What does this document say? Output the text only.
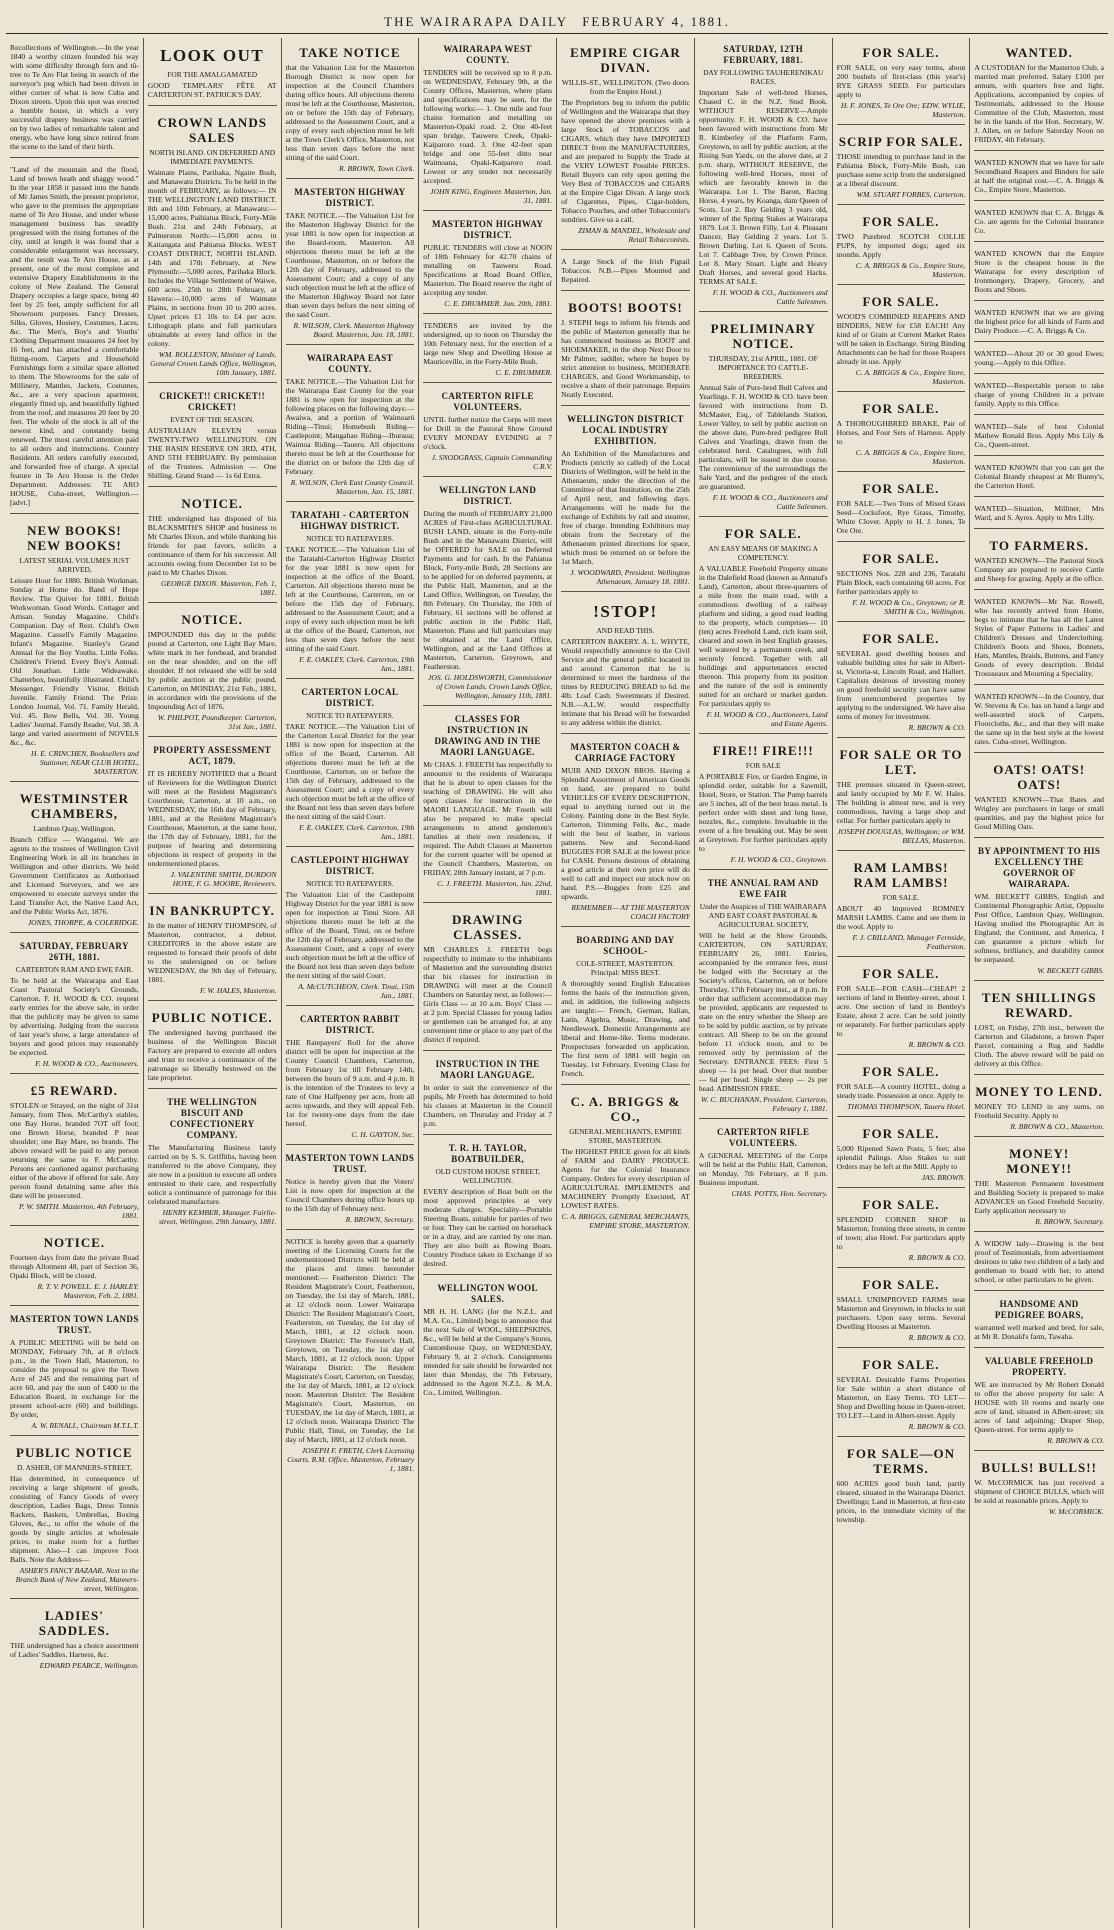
THE WAIRARAPA DAILY FEBRUARY 4, 1881.
Recollections of Wellington.—In the year 1840 a worthy citizen founded his way with some difficulty through fern and tû-tree to Te Aro Flat being in search of the surveyor's peg which had been driven in either corner of what is now Cuba and Dixon streets. Upon this spot was erected a humble house, in which a very successful drapery business was carried on by two ladies of remarkable talent and energy, who have long since retired from the scene to the land of their birth.
"Land of the mountain and the flood, Land of brown heath and shaggy wood." In the year 1858 it passed into the hands of Mr James Smith, the present proprietor, who gave to the premises the appropriate name of Te Aro House, and under whose management business has steadily progressed with the rising fortunes of the city, until at length it was found that a considerable enlargement was necessary, and the result was Te Aro House, as at present, one of the most complete and extensive Drapery Establishments in the colony of New Zealand. The General Drapery occupies a large space, being 40 feet by 25 feet, amply sufficient for all Showroom purposes. Fancy Dresses, Silks, Gloves, Hosiery, Costumes, Laces, &c. The Men's, Boy's and Youths' Clothing Department measures 24 feet by 16 feet, and has attached a comfortable fitting-room. Carpets and Household Furnishings form a similar space allotted to them. The Showrooms for the sale of Millinery, Mantles, Jackets, Costumes, &c., are a very spacious apartment, elegantly fitted up, and beautifully lighted from the roof, and measures 20 feet by 20 feet. The whole of the stock is all of the newest kind, and constantly being renewed. The most careful attention paid to all orders and instructions. Country Residents. All orders carefully executed, and forwarded free of charge. A special feature in Te Aro House is the Order Department. Addresses: TE ARO HOUSE, Cuba-street, Wellington.—[advt.]
NEW BOOKS! NEW BOOKS!
LATEST SERIAL VOLUMES JUST ARRIVED,
Leisure Hour for 1880. British Workman. Sunday at Home do. Band of Hope Review. The Quiver for 1881. British Workwoman. Good Words. Cottager and Artisan. Sunday Magazine. Child's Companion. Day of Rest. Child's Own Magazine. Cassell's Family Magazine. Infant's Magazine. Stanley's Grand Annual for the Boy Youths. Little Folks. Children's Friend. Every Boy's Annual. Old Jonathan. Little Wideawake. Chatterbox, beautifully illustrated. Child's Messenger. Friendly Visitor. British Juvenile. Family Friend. The Prize. London Journal, Vol. 71. Family Herald, Vol. 45. Bow Bells, Vol. 30. Young Ladies' Journal. Family Reader, Vol. 38. A large and varied assortment of NOVELS &c., &c.
H. E. CRINCHEN, Booksellers and Stationer, NEAR CLUB HOTEL, MASTERTON.
WESTMINSTER CHAMBERS,
Lambton Quay, Wellington.
Branch Office — Wanganui. We are agents to the trustees of Wellington Civil Engineering Work in all its branches in Wellington and other districts. We hold Government Certificates as Authorised and Licensed Surveyors, and we are empowered to execute surveys under the Land Transfer Act, the Native Land Act, and the Public Works Act, 1876.
JONES, THORPE, & COLERIDGE.
SATURDAY, FEBRUARY 26TH, 1881.
CARTERTON RAM AND EWE FAIR.
To be held at the Wairarapa and East Coast Pastoral Society's Grounds, Carterton. F. H. WOOD & CO. request early entries for the above sale, in order that the publicity may be given to same by advertising. Judging from the success of last year's show, a large attendance of buyers and good prices may reasonably be expected.
F. H. WOOD & CO., Auctioneers.
£5 REWARD.
STOLEN or Strayed, on the night of 31st January, from Thos. McCarthy's stables, one Bay Horse, branded 7OT off foot; one Brown Horse, branded P near shoulder; one Bay Mare, no brands. The above reward will be paid to any person returning the same to F. McCarthy. Persons are cautioned against purchasing either of the above if offered for sale. Any person found detaining same after this date will be prosecuted.
P. W. SMITH. Masterton, 4th February, 1881.
NOTICE.
Fourteen days from date the private Road through Allotment 48, part of Section 36, Opaki Block, will be closed.
R. T. V. POWELL. E. J. HARLEY. Masterton, Feb. 2, 1881.
MASTERTON TOWN LANDS TRUST.
A PUBLIC MEETING will be held on MONDAY, February 7th, at 8 o'clock p.m., in the Town Hall, Masterton, to consider the proposal to give the Town Acre of 245 and the remaining part of acre 60, and pay the sum of £400 to the Education Board, in exchange for the present school-acre (60) and buildings. By order,
A. W. RENALL, Chairman M.T.L.T.
PUBLIC NOTICE
D. ASHER, OF MANNERS-STREET,
Has determined, in consequence of receiving a large shipment of goods, consisting of Fancy Goods of every description, Ladies Bags, Dress Tennis Rackets, Baskets, Umbrellas, Boxing Gloves, &c., to offer the whole of the goods by single articles at wholesale prices, to make room for a further shipment. Also—I can improve Foot Balls. Note the Address—
ASHER'S FANCY BAZAAR, Next to the Branch Bank of New Zealand, Manners-street, Wellington.
LADIES' SADDLES.
THE undersigned has a choice assortment of Ladies' Saddles, Harness, &c.
EDWARD PEARCE, Wellington.
LOOK OUT
FOR THE AMALGAMATED
GOOD TEMPLARS' FÊTE AT CARTERTON ST. PATRICK'S DAY.
CROWN LANDS SALES
NORTH ISLAND. ON DEFERRED AND IMMEDIATE PAYMENTS.
Waimate Plains, Parihaka, Ngaire Bush, and Manawatu Districts. To be held in the month of FEBRUARY, as follows:— IN THE WELLINGTON LAND DISTRICT. 8th and 10th February, at Manawatu:—15,000 acres, Paihiatua Block, Forty-Mile Bush. 21st and 24th February, at Palmerston North:—15,000 acres in Kaitangata and Pahiatua Blocks. WEST COAST DISTRICT, NORTH ISLAND. 14th and 17th February, at New Plymouth:—5,000 acres, Parihaka Block. Includes the Village Settlement of Waiwe, 600 acres. 25th to 28th February, at Hawera:—10,000 acres of Waimate Plains, in sections from 10 to 200 acres. Upset prices £1 10s to £4 per acre. Lithograph plans and full particulars obtainable at every land office in the colony.
WM. ROLLESTON, Minister of Lands. General Crown Lands Office, Wellington, 10th January, 1881.
CRICKET!! CRICKET!! CRICKET!
EVENT OF THE SEASON.
AUSTRALIAN ELEVEN versus TWENTY-TWO WELLINGTON. ON THE BASIN RESERVE ON 3RD, 4TH, AND 5TH FEBRUARY. By permission of the Trustees. Admission — One Shilling. Grand Stand — 1s 6d Extra.
NOTICE.
THE undersigned has disposed of his BLACKSMITH'S SHOP and business to Mr Charles Dixon, and while thanking his friends for past favors, solicits a continuance of them for his successor. All accounts owing from December 1st to be paid to Mr Charles Dixon.
GEORGE DIXON. Masterton, Feb. 1, 1881.
NOTICE.
IMPOUNDED this day in the public pound at Carterton, one Light Bay Mare, white mark in her forehead, and branded on the near shoulder, and on the off shoulder. If not released she will be sold by public auction at the public pound, Carterton, on MONDAY, 21st Feb., 1881, in accordance with the provisions of the Impounding Act of 1876.
W. PHILPOT, Poundkeeper. Carterton, 31st Jan., 1881.
PROPERTY ASSESSMENT ACT, 1879.
IT IS HEREBY NOTIFIED that a Board of Reviewers for the Wellington District will meet at the Resident Magistrate's Courthouse, Carterton, at 10 a.m., on WEDNESDAY, the 16th day of February, 1881, and at the Resident Magistrate's Courthouse, Masterton, at the same hour, the 17th day of February, 1881, for the purpose of hearing and determining objections in respect of property in the undermentioned places.
J. VALENTINE SMITH, DURDON HOYE, F. G. MOORE, Reviewers.
IN BANKRUPTCY.
In the matter of HENRY THOMPSON, of Masterton, contractor, a debtor. CREDITORS in the above estate are requested to forward their proofs of debt to the undersigned on or before WEDNESDAY, the 9th day of February, 1881.
F. W. HALES, Masterton.
PUBLIC NOTICE.
The undersigned having purchased the business of the Wellington Biscuit Factory are prepared to execute all orders and trust to receive a continuance of the patronage so liberally bestowed on the late proprietor.
THE WELLINGTON BISCUIT AND CONFECTIONERY COMPANY.
The Manufacturing Business lately carried on by S. S. Griffiths, having been transferred to the above Company, they are now in a position to execute all orders entrusted to their care, and respectfully solicit a continuance of patronage for this celebrated manufacture.
HENRY KEMBER, Manager. Fairlie-street, Wellington, 29th January, 1881.
TAKE NOTICE
that the Valuation List for the Masterton Borough District is now open for inspection at the Council Chambers during office hours. All objections thereto must be left at the Courthouse, Masterton, on or before the 15th day of February, addressed to the Assessment Court, and a copy of every such objection must be left at the Town Clerk's Office, Masterton, not less than seven days before the next sitting of the said Court.
R. BROWN, Town Clerk.
MASTERTON HIGHWAY DISTRICT.
TAKE NOTICE.—The Valuation List for the Masterton Highway District for the year 1881 is now open for inspection at the Board-room, Masterton. All objections thereto must be left at the Courthouse, Masterton, on or before the 12th day of February, addressed to the Assessment Court; and a copy of any such objection must be left at the office of the Masterton Highway Board not later than seven days before the next sitting of the said Court.
R. WILSON, Clerk. Masterton Highway Board. Masterton, Jan. 18, 1881.
WAIRARAPA EAST COUNTY.
TAKE NOTICE.—The Valuation List for the Wairarapa East County for the year 1881 is now open for inspection at the following places on the following days:— Awaiwa, and a portion of Waimoarú Riding—Tinui; Homebush Riding—Castlepoint; Mangahao Riding—Ihuraua; Waimoa Riding—Taueru. All objections thereto must be left at the Courthouse for the district on or before the 12th day of February.
R. WILSON, Clerk East County Council. Masterton, Jan. 15, 1881.
TARATAHI - CARTERTON HIGHWAY DISTRICT.
NOTICE TO RATEPAYERS.
TAKE NOTICE.—The Valuation List of the Taratahi-Carterton Highway District for the year 1881 is now open for inspection at the office of the Board, Carterton. All objections thereto must be left at the Courthouse, Carterton, on or before the 15th day of February, addressed to the Assessment Court; and a copy of every such objection must be left at the office of the Board, Carterton, not less than seven days before the next sitting of the said Court.
F. E. OAKLEY, Clerk. Carterton, 19th Jan., 1881.
CARTERTON LOCAL DISTRICT.
NOTICE TO RATEPAYERS.
TAKE NOTICE.—The Valuation List of the Carterton Local District for the year 1881 is now open for inspection at the office of the Board, Carterton. All objections thereto must be left at the Courthouse, Carterton, on or before the 15th day of February, addressed to the Assessment Court; and a copy of every such objection must be left at the office of the Board not less than seven days before the next sitting of the said Court.
F. E. OAKLEY, Clerk. Carterton, 19th Jan., 1881.
CASTLEPOINT HIGHWAY DISTRICT.
NOTICE TO RATEPAYERS.
The Valuation List of the Castlepoint Highway District for the year 1881 is now open for inspection at Tinui Store. All objections thereto must be left at the office of the Board, Tinui, on or before the 12th day of February, addressed to the Assessment Court, and a copy of every such objection must be left at the office of the Board not less than seven days before the next sitting of the said Court.
A. McCUTCHEON, Clerk. Tinui, 15th Jan., 1881.
CARTERTON RABBIT DISTRICT.
THE Ratepayers' Roll for the above district will be open for inspection at the County Council Chambers, Carterton, from February 1st till February 14th, between the hours of 9 a.m. and 4 p.m. It is the intention of the Trustees to levy a rate of One Halfpenny per acre, from all acres upwards, and they will appeal Feb. 1st for twenty-one days from the date hereof.
C. H. GAYTON, Sec.
MASTERTON TOWN LANDS TRUST.
Notice is hereby given that the Voters' List is now open for inspection at the Council Chambers during office hours up to the 15th day of February next.
R. BROWN, Secretary.
NOTICE is hereby given that a quarterly meeting of the Licensing Courts for the undermentioned Districts will be held at the places and times hereunder mentioned:— Featherston District: The Resident Magistrate's Court, Featherston, on Tuesday, the 1st day of March, 1881, at 12 o'clock noon. Lower Wairarapa District: The Resident Magistrate's Court, Featherston, on Tuesday, the 1st day of March, 1881, at 12 o'clock noon. Greytown District: The Forester's Hall, Greytown, on Tuesday, the 1st day of March, 1881, at 12 o'clock noon. Upper Wairarapa District: The Resident Magistrate's Court, Carterton, on Tuesday, the 1st day of March, 1881, at 12 o'clock noon. Masterton District: The Resident Magistrate's Court, Masterton, on TUESDAY, the 1st day of March, 1881, at 12 o'clock noon. Wairarapa District: The Public Hall, Tinui, on Tuesday, the 1st day of March, 1881, at 12 o'clock noon.
JOSEPH F. FRETH, Clerk Licensing Courts. R.M. Office, Masterton, February 1, 1881.
WAIRARAPA WEST COUNTY.
TENDERS will be received up to 8 p.m. on WEDNESDAY, February 9th, at the County Offices, Masterton, where plans and specifications may be seen, for the following works:— 1. One mile and four chains formation and metalling on Masterton-Opaki road. 2. One 40-feet span bridge, Tauweru Creek, Opaki-Kaiparoro road. 3. One 42-feet span bridge and one 55-feet ditto near Waimoana, Opaki-Kaiparoro road. Lowest or any tender not necessarily accepted.
JOHN KING, Engineer. Masterton, Jan. 31, 1881.
MASTERTON HIGHWAY DISTRICT.
PUBLIC TENDERS will close at NOON of 18th February for 42.70 chains of metalling on Tauweru Road. Specifications at Road Board Office, Masterton. The Board reserve the right of accepting any tender.
C. E. DRUMMER. Jan. 20th, 1881.
TENDERS are invited by the undersigned, up to noon on Thursday the 10th February next, for the erection of a large new Shop and Dwelling House at Mauriceville, in the Forty-Mile Bush.
C. E. DRUMMER.
CARTERTON RIFLE VOLUNTEERS.
UNTIL further notice the Corps will meet for Drill in the Pastoral Show Ground EVERY MONDAY EVENING at 7 o'clock.
J. SNODGRASS, Captain Commanding C.R.V.
WELLINGTON LAND DISTRICT.
During the month of FEBRUARY 21,000 ACRES of First-class AGRICULTURAL BUSH LAND, situate in the Forty-mile Bush and in the Manawatu District, will be OFFERED for SALE on Deferred Payments and for cash. In the Pahiatua Block, Forty-mile Bush, 28 Sections are to be applied for on deferred payments, at the Public Hall, Masterton, and at the Land Office, Wellington, on Tuesday, the 8th February. On Thursday, the 10th of February, 61 sections will be offered at public auction in the Public Hall, Masterton. Plans and full particulars may be obtained at the Land Office, Wellington, and at the Land Offices at Masterton, Carterton, Greytown, and Featherston.
JOS. G. HOLDSWORTH, Commissioner of Crown Lands. Crown Lands Office, Wellington, January 11th, 1881.
CLASSES FOR INSTRUCTION IN DRAWING AND IN THE MAORI LANGUAGE.
Mr CHAS. J. FREETH has respectfully to announce to the residents of Wairarapa that he is about to open classes for the teaching of DRAWING. He will also open classes for instruction in the MAORI LANGUAGE. Mr Freeth will also be prepared to make special arrangements to attend gentlemen's families at their own residences, if required. The Adult Classes at Masterton for the current quarter will be opened at the Council Chambers, Masterton, on FRIDAY, 28th January instant, at 7 p.m.
C. J. FREETH. Masterton, Jan. 22nd, 1881.
DRAWING CLASSES.
MR CHARLES J. FREETH begs respectfully to intimate to the inhabitants of Masterton and the surrounding district that his classes for instruction in DRAWING will meet at the Council Chambers on Saturday next, as follows:— Girls Class — at 10 a.m. Boys' Class — at 2 p.m. Special Classes for young ladies or gentlemen can be arranged for, at any convenient time or place to any part of the district if required.
INSTRUCTION IN THE MAORI LANGUAGE.
In order to suit the convenience of the pupils, Mr Freeth has determined to hold his classes at Masterton in the Council Chambers, on Thursday and Friday at 7 p.m.
T. R. H. TAYLOR, BOATBUILDER,
OLD CUSTOM HOUSE STREET, WELLINGTON.
EVERY description of Boat built on the most approved principles at very moderate charges. Speciality—Portable Steering Boats, suitable for parties of two or four. They can be carried on horseback or in a dray, and are carried by one man. They are also built as Rowing Boats. Country Produce taken in Exchange if so desired.
WELLINGTON WOOL SALES.
MR H. H. LANG (for the N.Z.L. and M.A. Co., Limited) begs to announce that the next Sale of WOOL, SHEEPSKINS, &c., will be held at the Company's Stores, Customhouse Quay, on WEDNESDAY, February 9, at 2 o'clock. Consignments intended for sale should be forwarded not later than Monday, the 7th February, addressed to the Agent N.Z.L. & M.A. Co., Limited, Wellington.
EMPIRE CIGAR DIVAN.
WILLIS-ST., WELLINGTON. (Two doors from the Empire Hotel.)
The Proprietors beg to inform the public of Wellington and the Wairarapa that they have opened the above premises with a large Stock of TOBACCOS and CIGARS, which they have IMPORTED DIRECT from the MANUFACTURERS, and are prepared to Supply the Trade at the VERY LOWEST Possible PRICES. Retail Buyers can rely upon getting the Very Best of TOBACCOS and CIGARS at the Empire Cigar Divan. A large stock of Cigarettes, Pipes, Cigar-holders, Tobacco Pouches, and other Tobacconist's sundries. Give us a call.
ZIMAN & MANDEL, Wholesale and Retail Tobacconists.
A Large Stock of the Irish Pigtail Tobaccos. N.B.—Pipes Mounted and Repaired.
BOOTS! BOOTS!
J. STEPH begs to inform his friends and the public of Masterton generally that he has commenced business as BOOT and SHOEMAKER, in the shop Next Door to Mr Palmer, saddler, where he hopes by strict attention to business, MODERATE CHARGES, and Good Workmanship, to receive a share of their patronage. Repairs Neatly Executed.
WELLINGTON DISTRICT LOCAL INDUSTRY EXHIBITION.
An Exhibition of the Manufactures and Products (strictly so called) of the Local Districts of Wellington, will be held in the Athenaeum, under the direction of the Committee of that Institution, on the 25th of April next, and following days. Arrangements will be made for the exchange of Exhibits by rail and steamer, free of charge. Intending Exhibitors may obtain from the Secretary of the Athenaeum printed directions for space, which must be returned on or before the 1st March.
J. WOODWARD, President. Wellington Athenaeum, January 18, 1881.
!STOP!
AND READ THIS.
CARTERTON BAKERY. A. L. WHYTE, Would respectfully announce to the Civil Service and the general public located in and around Carterton that he is determined to meet the hardness of the times by REDUCING BREAD to 6d. the 4lb. Loaf Cash. Sweetmeats if Desired. N.B.—A.L.W. would respectfully intimate that his Bread will be forwarded to any address within the district.
MASTERTON COACH & CARRIAGE FACTORY
MUIR AND DIXON BROS. Having a Splendid Assortment of American Goods on hand, are prepared to build VEHICLES OF EVERY DESCRIPTION, equal to anything turned out in the Colony. Painting done in the Best Style. Carterton, Trimming Fells, &c., made with the best of leather, in various patterns. New and Second-hand BUGGIES FOR SALE at the lowest price for CASH. Persons desirous of obtaining a good article at their own price will do well to call and inspect our stock now on hand. P.S.—Buggies from £25 and upwards.
REMEMBER— AT THE MASTERTON COACH FACTORY
BOARDING AND DAY SCHOOL-
COLE-STREET, MASTERTON. Principal: MISS BEST.
A thoroughly sound English Education forms the basis of the instruction given, and, in addition, the following subjects are taught:— French, German, Italian, Latin, Algebra, Music, Drawing, and Needlework. Domestic Arrangements are liberal and Home-like. Terms moderate. Prospectuses forwarded on application. The first term of 1881 will begin on Tuesday, 1st February. Evening Class for French.
C. A. BRIGGS & CO.,
GENERAL MERCHANTS, EMPIRE STORE, MASTERTON.
The HIGHEST PRICE given for all kinds of FARM and DAIRY PRODUCE. Agents for the Colonial Insurance Company. Orders for every description of AGRICULTURAL IMPLEMENTS and MACHINERY Promptly Executed, AT LOWEST RATES.
C. A. BRIGGS, GENERAL MERCHANTS, EMPIRE STORE, MASTERTON.
SATURDAY, 12TH FEBRUARY, 1881.
DAY FOLLOWING TAUHERENIKAU RACES.
Important Sale of well-bred Horses, Chased C. in the N.Z. Stud Book. WITHOUT RESERVE—Ample opportunity. F. H. WOOD & CO. have been favored with instructions from Mr R. Kimberley of the Platform Farm, Greytown, to sell by public auction, at the Rising Sun Yards, on the above date, at 2 p.m. sharp, WITHOUT RESERVE, the following well-bred Horses, most of which are favorably known in the Wairarapa. Lot 1. The Baron, Racing Horse, 4 years, by Koanga, dam Queen of Scots. Lot 2. Bay Gelding 3 years old, winner of the Spring Stakes at Wairarapa 1879. Lot 3. Brown Filly. Lot 4. Pleasant Dancer, Bay Gelding 2 years. Lot 5. Brown Darling. Lot 6. Queen of Scots. Lot 7. Cabbage Tree, by Crown Prince. Lot 8. Mary Stuart. Light and Heavy Draft Horses, and several good Hacks. TERMS AT SALE.
F. H. WOOD & CO., Auctioneers and Cattle Salesmen.
PRELIMINARY NOTICE.
THURSDAY, 21st APRIL, 1881. OF IMPORTANCE TO CATTLE-BREEDERS.
Annual Sale of Pure-bred Bull Calves and Yearlings. F. H. WOOD & CO. have been favored with instructions from D. McMaster, Esq., of Tablelands Station, Lower Valley, to sell by public auction on the above date, Pure-bred pedigree Bull Calves and Yearlings, drawn from the celebrated herd. Catalogues, with full particulars, will be issued in due course. The convenience of the surroundings the Sale Yard, and the pedigree of the stock are guaranteed.
F. H. WOOD & CO., Auctioneers and Cattle Salesmen.
FOR SALE.
AN EASY MEANS OF MAKING A COMPETENCY.
A VALUABLE Freehold Property situate in the Dalefield Road (known as Annand's Land), Carterton, about three-quarters of a mile from the main road, with a commodious dwelling of a railway platform and siding, a good road leading to the property, which comprises— 10 (ten) acres Freehold Land, rich loam soil, cleared and sown in best English grasses, well watered by a permanent creek, and securely fenced. Together with all buildings and appurtenances erected thereon. This property from its position and the nature of the soil is eminently suited for an orchard or market garden. For particulars apply to
F. H. WOOD & CO., Auctioneers, Land and Estate Agents.
FIRE!! FIRE!!!
FOR SALE
A PORTABLE Fire, or Garden Engine, in splendid order, suitable for a Sawmill, Hotel, Store, or Station. The Pump barrels are 5 inches, all of the best brass metal. Is perfect order with sheet and long hose, nozzles, &c., complete. Invaluable in the event of a fire breaking out. May be seen at Greytown. For further particulars apply to
F. H. WOOD & CO., Greytown.
THE ANNUAL RAM AND EWE FAIR
Under the Auspices of THE WAIRARAPA AND EAST COAST PASTORAL & AGRICULTURAL SOCIETY,
Will be held at the Show Grounds, CARTERTON, ON SATURDAY, FEBRUARY 26, 1881. Entries, accompanied by the entrance fees, must be lodged with the Secretary at the Society's offices, Carterton, on or before Thursday, 17th February inst., at 8 p.m. In order that sufficient accommodation may be provided, applicants are requested to state on the entry whether the Sheep are to be sold by public auction, or by private contract. All Sheep to be on the ground before 11 o'clock noon, and to be removed only by permission of the Secretary. ENTRANCE FEES: First 5 sheep — 1s per head. Over that number — 6d per head. Single sheep — 2s per head. ADMISSION FREE.
W. C. BUCHANAN, President. Carterton, February 1, 1881.
CARTERTON RIFLE VOLUNTEERS.
A GENERAL MEETING of the Corps will be held at the Public Hall, Carterton, on Monday, 7th February, at 8 p.m. Business important.
CHAS. POTTS, Hon. Secretary.
FOR SALE.
FOR SALE, on very easy terms, about 200 bushels of first-class (this year's) RYE GRASS SEED. For particulars apply to
H. F. JONES, Te Ore Ore; EDW. WYLIE, Masterton.
SCRIP FOR SALE.
THOSE intending to purchase land in the Pahiatua Block, Forty-Mile Bush, can purchase some scrip from the undersigned at a liberal discount.
WM. STUART FORBES, Carterton.
FOR SALE.
TWO Purebred SCOTCH COLLIE PUPS, by imported dogs; aged six months. Apply
C. A. BRIGGS & Co., Empire Store, Masterton.
FOR SALE.
WOOD'S COMBINED REAPERS AND BINDERS, NEW for £58 EACH! Any kind of or Grain at Current Market Rates will be taken in Exchange. String Binding Attachments can be had for those Reapers already in use. Apply
C. A. BRIGGS & Co., Empire Store, Masterton.
FOR SALE.
A THOROUGHBRED BRAKE, Pair of Horses, and Four Sets of Harness. Apply to
C. A. BRIGGS & Co., Empire Store, Masterton.
FOR SALE.
FOR SALE.—Two Tons of Mixed Grass Seed—Cocksfoot, Rye Grass, Timothy, White Clover. Apply to H. J. Jones, Te Ore Ore.
FOR SALE.
SECTIONS Nos. 228 and 236, Taratahi Plain Block, each containing 60 acres. For further particulars apply to
F. H. WOOD & Co., Greytown; or R. SMITH & Co., Wellington.
FOR SALE.
SEVERAL good dwelling houses and valuable building sites for sale in Albert-st, Victoria-st, Lincoln Road, and Hallert. Capitalists desirous of investing money on good freehold security can have same from unencumbered properties by applying to the undersigned. We have also sums of money for investment.
R. BROWN & CO.
FOR SALE OR TO LET.
THE premises situated in Queen-street, and lately occupied by Mr F. W. Hales. The building is almost new, and is very commodious, having a large shop and cellar. For further particulars apply to
JOSEPH DOUGLAS, Wellington; or WM. BELLAS, Masterton.
RAM LAMBS! RAM LAMBS!
FOR SALE.
ABOUT 40 Improved ROMNEY MARSH LAMBS. Came and see them in the wool. Apply to
F. J. CRILLAND, Manager Fernside, Featherston.
FOR SALE.
FOR SALE—FOR CASH—CHEAP! 2 sections of land in Bentley-street, about 1 acre. One section of land in Bentley's Estate, about 2 acre. Can be sold jointly or separately. For further particulars apply to
R. BROWN & CO.
FOR SALE.
FOR SALE—A country HOTEL, doing a steady trade. Possession at once. Apply to
THOMAS THOMPSON, Taueru Hotel.
FOR SALE.
5,000 Ripened Sawn Posts, 5 feet; also splendid Palings. Also Stakes to suit Orders may be left at the Mill. Apply to
JAS. BROWN.
FOR SALE.
SPLENDID CORNER SHOP in Masterton, fronting three streets, in centre of town; also Hotel. For particulars apply to
R. BROWN & CO.
FOR SALE.
SMALL UNIMPROVED FARMS near Masterton and Greytown, in blocks to suit purchasers. Upon easy terms. Several Dwelling Houses at Masterton.
R. BROWN & CO.
FOR SALE.
SEVERAL Desirable Farms Properties for Sale within a short distance of Masterton, on Easy Terms. TO LET—Shop and Dwelling house in Queen-street. TO LET—Land in Albert-street. Apply
R. BROWN & CO.
FOR SALE—ON TERMS.
600 ACRES good bush land, partly cleared, situated in the Wairarapa District. Dwellings; Land in Masterton, at first-rate prices, in the immediate vicinity of the township.
WANTED.
A CUSTODIAN for the Masterton Club, a married man preferred. Salary £100 per annum, with quarters free and light. Applications, accompanied by copies of Testimonials, addressed to the House Committee of the Club, Masterton, must be in the hands of the Hon. Secretary, W. J. Allen, on or before Saturday Noon on FRIDAY, 4th February.
WANTED KNOWN that we have for sale Secondhand Reapers and Binders for sale at half the original cost.—C. A. Briggs & Co., Empire Store, Masterton.
WANTED KNOWN that C. A. Briggs & Co. are agents for the Colonial Insurance Co.
WANTED KNOWN that the Empire Store is the cheapest house in the Wairarapa for every description of Ironmongery, Drapery, Grocery, and Boots and Shoes.
WANTED KNOWN that we are giving the highest price for all kinds of Farm and Dairy Produce.—C. A. Briggs & Co.
WANTED—About 20 or 30 good Ewes; young.—Apply to this Office.
WANTED—Respectable person to take charge of young Children in a private family. Apply to this Office.
WANTED—Sale of best Colonial Mathew Ronald Bros. Apply Mrs Lily & Co., Queen-street.
WANTED KNOWN that you can get the Colonial Brandy cheapest at Mr Bunny's, the Carterton Hotel.
WANTED—Situation, Milliner, Mrs Ward, and S. Ayres. Apply to Mrs Lilly.
TO FARMERS.
WANTED KNOWN—The Pastoral Stock Company are prepared to receive Cattle and Sheep for grazing. Apply at the office.
WANTED KNOWN—Mr Nat. Rowell, who has recently arrived from Home, begs to intimate that he has all the Latest Styles of Paper Patterns in Ladies' and Children's Dresses and Underclothing. Children's Boots and Shoes, Bonnets, Hats, Mantles, Braids, Buttons, and Fancy Goods of every description. Bridal Trousseaux and Mourning a Speciality.
WANTED KNOWN—In the Country, that W. Stevens & Co. has on hand a large and well-assorted stock of Carpets, Floorcloths, &c., and that they will make the same up in the best style at the lowest rates. Cuba-street, Wellington.
OATS! OATS! OATS!
WANTED KNOWN—That Bates and Wrigley are purchasers in large or small quantities, and pay the highest price for Good Milling Oats.
BY APPOINTMENT TO HIS EXCELLENCY THE GOVERNOR OF WAIRARAPA.
WM. BECKETT GIBBS, English and Continental Photographic Artist, Opposite Post Office, Lambton Quay, Wellington. Having studied the Photographic Art in England, the Continent, and America, I can guarantee a picture which for softness, brilliancy, and durability cannot be surpassed.
W. BECKETT GIBBS.
TEN SHILLINGS REWARD.
LOST, on Friday, 27th inst., between the Carterton and Gladstone, a brown Paper Parcel, containing a Rug and Saddle Cloth. The above reward will be paid on delivery at this Office.
MONEY TO LEND.
MONEY TO LEND in any sums, on Freehold Security. Apply to
R. BROWN & CO., Masterton.
MONEY! MONEY!!
THE Masterton Permanent Investment and Building Society is prepared to make ADVANCES on Good Freehold Security. Early application necessary to
R. BROWN, Secretary.
A WIDOW lady—Drawing is the best proof of Testimonials, from advertisement desirous to take two children of a lady and gentleman to board with her, to attend school, or other particulars to be given.
HANDSOME AND PEDIGREE BOARS,
warranted well marked and bred, for sale, at Mr R. Donald's farm, Tawaha.
VALUABLE FREEHOLD PROPERTY.
WE are instructed by Mr Robert Donald to offer the above property for sale: A HOUSE with 10 rooms and nearly one acre of land, situated in Albert-street; six acres of land adjoining; Draper Shop, Queen-street. For terms apply to
R. BROWN & CO.
BULLS! BULLS!!
W. McCORMICK has just received a shipment of CHOICE BULLS, which will be sold at reasonable prices. Apply to
W. McCORMICK.
